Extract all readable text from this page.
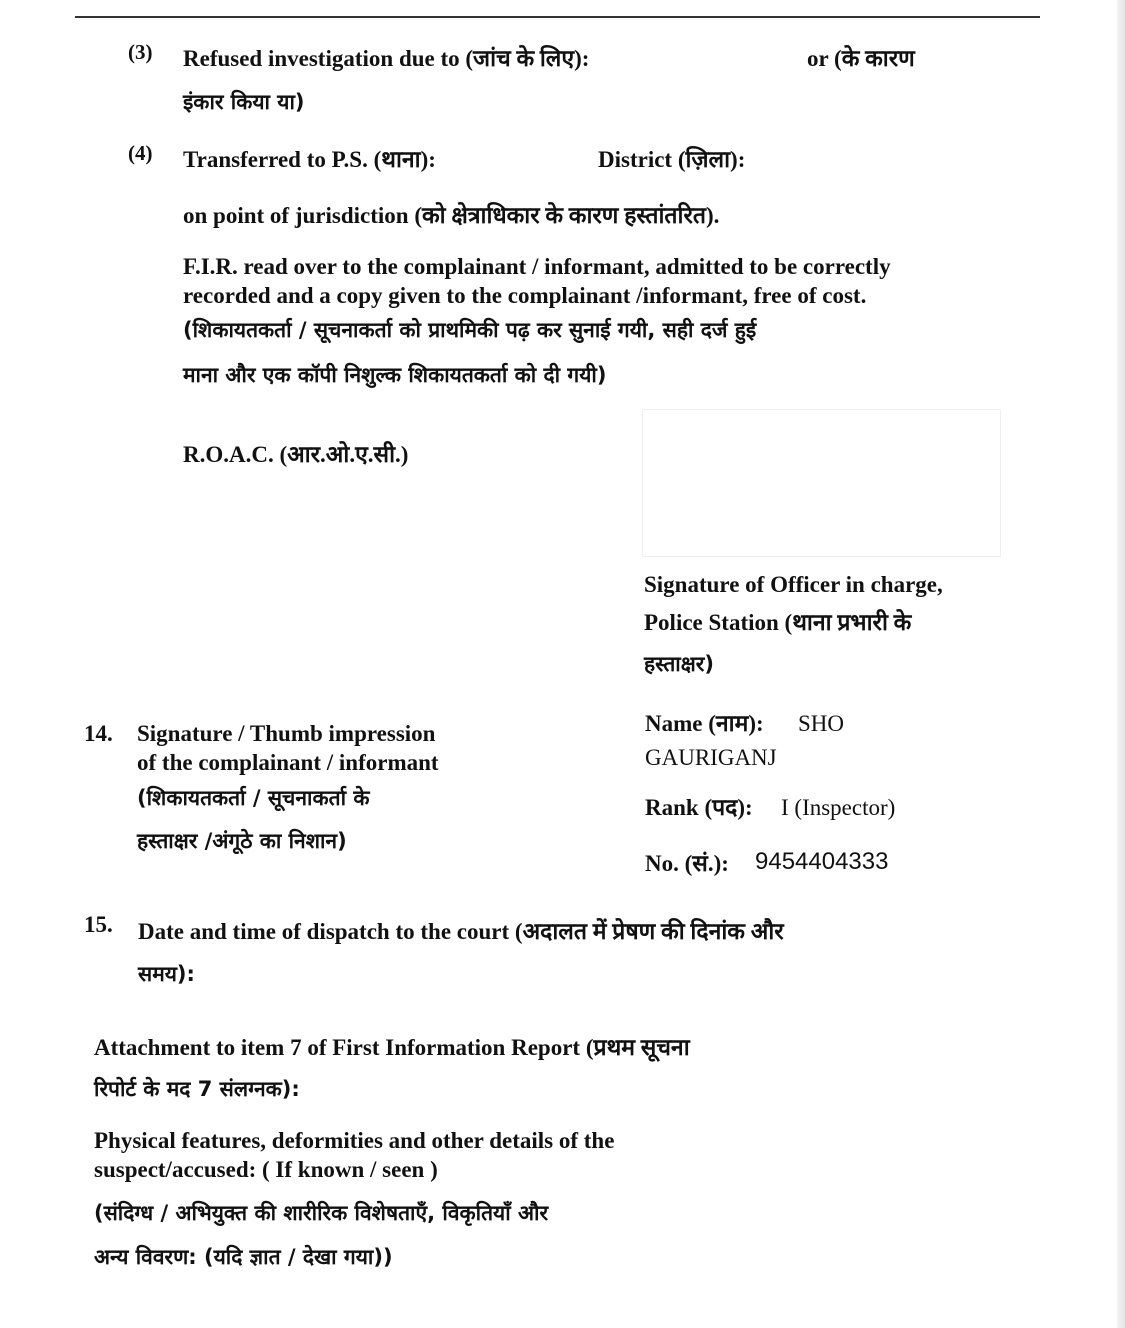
(3) Refused investigation due to (जांच के लिए):	or (के कारण
इंकार किया या)
(4) Transferred to P.S. (थाना):	District (ज़िला):
on point of jurisdiction (को क्षेत्राधिकार के कारण हस्तांतरित).
F.I.R. read over to the complainant / informant, admitted to be correctly
recorded and a copy given to the complainant /informant, free of cost.
(शिकायतकर्ता / सूचनाकर्ता को प्राथमिकी पढ़ कर सुनाई गयी, सही दर्ज हुई
माना और एक कॉपी निशुल्क शिकायतकर्ता को दी गयी)
R.O.A.C. (आर.ओ.ए.सी.)
Signature of Officer in charge,
Police Station (थाना प्रभारी के
हस्ताक्षर)
Name (नाम): SHO
GAURIGANJ
Rank (पद): I (Inspector)
No. (सं.): 9454404333
14. Signature / Thumb impression
of the complainant / informant
(शिकायतकर्ता / सूचनाकर्ता के
हस्ताक्षर /अंगूठे का निशान)
15. Date and time of dispatch to the court (अदालत में प्रेषण की दिनांक और
समय):
Attachment to item 7 of First Information Report (प्रथम सूचना
रिपोर्ट के मद 7 संलग्नक):
Physical features, deformities and other details of the
suspect/accused: ( If known / seen )
(संदिग्ध / अभियुक्त की शारीरिक विशेषताएँ, विकृतियाँ और
अन्य विवरण: (यदि ज्ञात / देखा गया))
